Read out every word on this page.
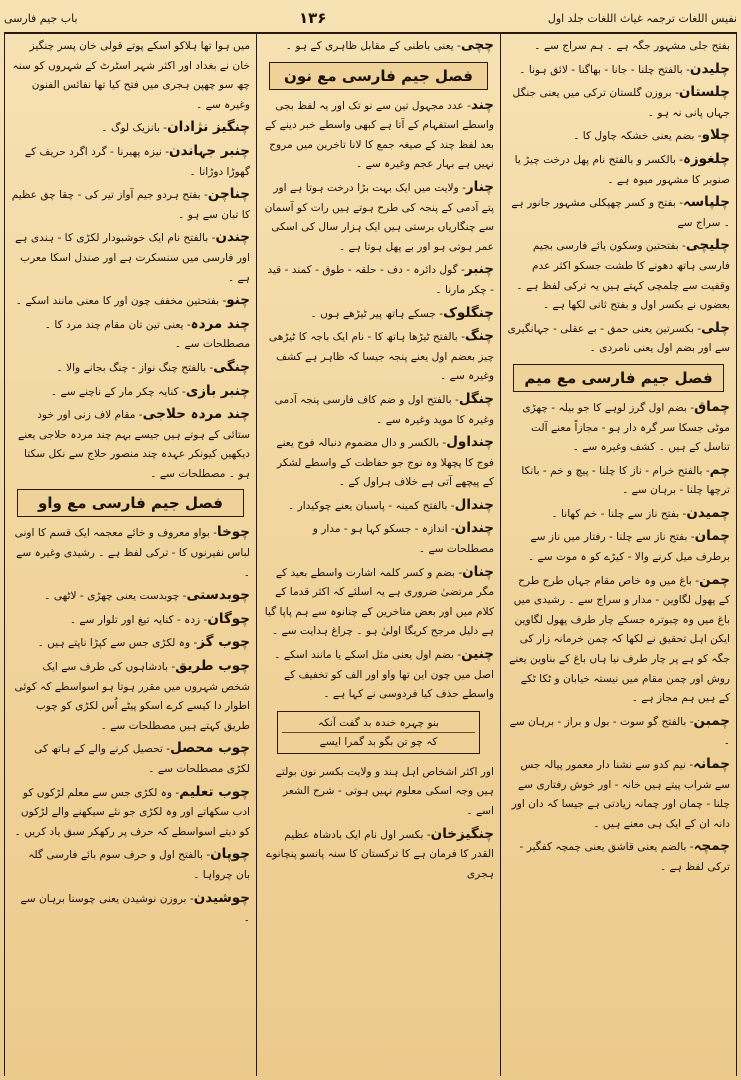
باب جیم فارسی	۱۳۶	نفیس اللغات ترجمہ غیاث اللغات جلد اول

بفتح جلی مشہور جگہ ہے ۔ ہم سراج سے ۔

چلیدن- بالفتح چلنا - جانا - بھاگنا - لائق ہونا ۔

چلستان- بروزن گلستان ترکی میں یعنی جنگل جہاں پانی نہ ہو ۔

چلاو- بضم یعنی خشکہ چاول کا ۔

چلغوزہ- بالکسر و بالفتح نام پھل درخت چیڑ یا صنوبر کا مشہور میوہ ہے ۔

چلپاسہ- بفتح و کسر چھپکلی مشہور جانور ہے ۔ سراج سے

چلیچی- بفتحتین وسکون یائے فارسی بجیم فارسی ہاتھ دھونے کا طشت جسکو اکثر عدم وقفیت سے چلمچی کہتے ہیں یہ ترکی لفظ ہے ۔ بعضوں نے بکسر اول و بفتح ثانی لکھا ہے ۔

چلی- بکسرتین یعنی حمق - بے عقلی - جہانگیری سے اور بضم اول یعنی نامردی ۔

فصل جیم فارسی مع میم

چماق- بضم اول گرز لوہے کا جو بیلہ - چھڑی موٹی جسکا سر گرہ دار ہو - مجازاً معنے آلت تناسل کے ہیں ۔ کشف وغیرہ سے ۔

چم- بالفتح خرام - ناز کا چلنا - پیچ و خم - بانکا ترچھا چلنا - برہان سے ۔

چمیدن- بفتح ناز سے چلنا - خم کھانا ۔

چمان- بفتح ناز سے چلنا - رفتار میں ناز سے برطرف میل کرنے والا - کیڑے کو ہ موت سے ۔

چمن- باغ میں وہ خاص مقام جہاں طرح طرح کے پھول لگاوین - مدار و سراج سے ۔ رشیدی میں باغ میں وہ چبوترہ جسکے چار طرف پھول لگاوین ایکن اہل تحقیق نے لکھا کہ چمن خرمانہ زار کی جگہ کو ہے پر چار طرف نیا ہاں باغ کے بناوین یعنے روش اور چمن مقام میں نیستہ خیابان و ٹکا ٹکے کے ہیں ہم مجاز ہے ۔

چمبن- بالفتح گو سوت - بول و براز - برہان سے ۔

چمانہ- نیم کدو سے نشنا دار معمور پیالہ جس سے شراب پیتے ہیں خانہ - اور خوش رفتاری سے چلنا - چمان اور چمانہ زیادتی ہے جیسا کہ دان اور دانہ ان کے ایک ہی معنے ہیں ۔

چمچہ- بالضم یعنی قاشق یعنی چمچہ کفگیر - ترکی لفظ ہے ۔

چچی- یعنی باطنی کے مقابل ظاہری کے ہو ۔

فصل جیم فارسی مع نون

چند- عدد مجہول تین سے نو تک اور یہ لفظ بجی واسطے استفہام کے آتا ہے کبھی واسطے خبر دینے کے بعد لفظ چند کے صیغہ جمع کا لانا تاخرین میں مروج نہیں ہے بہار عجم وغیرہ سے ۔

چنار- ولایت میں ایک بہت بڑا درخت ہوتا ہے اور پتے آدمی کے پنجہ کی طرح ہوتے ہیں رات کو آسمان سے چنگاریاں برستی ہیں ایک ہزار سال کی اسکی عمر ہوتی ہو اور بے پھل ہوتا ہے ۔

چنبر- گول دائرہ - دف - حلقہ - طوق - کمند - قید - چکر مارنا ۔

چنگلوک- جسکے ہاتھ پیر ٹیڑھے ہوں ۔

چنگ- بالفتح ٹیڑھا ہاتھ کا - نام ایک باجہ کا ٹیڑھی چیز بعضم اول یعنے پنجہ جیسا کہ ظاہر ہے کشف وغیرہ سے ۔

چنگل- بالفتح اول و ضم کاف فارسی پنجہ آدمی وغیرہ کا موید وغیرہ سے ۔

چنداول- بالکسر و دال مضموم دنبالہ فوج یعنے فوج کا پچھلا وہ نوج جو حفاظت کے واسطے لشکر کے پیچھے آتی ہے خلاف ہراول کے ۔

چندال- بالفتح کمینہ - پاسبان یعنے چوکیدار ۔

چندان- اندازہ - جسکو کہا ہو - مدار و مصطلحات سے ۔

چنان- بضم و کسر کلمہ اشارت واسطے بعید کے مگر مرتضیٰ ضروری ہے یہ اسلئے کہ اکثر قدما کے کلام میں اور بعض متاخرین کے چنانوہ سے ہم پاپا گیا ہے دلیل مرجح کریگا اولیٰ ہو ۔ چراغ ہدایت سے ۔

چنین- بضم اول یعنی مثل اسکے یا مانند اسکے ۔ اصل میں چون این تھا واو اور الف کو تخفیف کے واسطے حذف کیا فردوسی نے کہا ہے ۔

بنو چہرہ خندہ بد گفت آنکہ
کہ چو تن بگو بد گمرا ایسے

اور اکثر اشخاص اہل ہند و ولایت بکسر نون بولتے ہیں وجہ اسکی معلوم نہیں ہوتی - شرح الشعر اسے ۔

چنگیزخان- بکسر اول نام ایک بادشاہ عظیم القدر کا فرمان ہے کا ترکستان کا سنہ پانسو پنچانوے ہجری

میں ہوا تھا ہلاکو اسکے پوتے قولی خان پسر چنگیز خان نے بغداد اور اکثر شہر اسٹرٹ کے شہروں کو سنہ چھ سو چھپن ہجری میں فتح کیا تھا نفائس الفنون وغیرہ سے ۔

چنگیز نژادان- بانزیک لوگ ۔

چنبر جہاندن- نیزہ پھیرنا - گرد اگرد حریف کے گھوڑا دوڑانا ۔

چناچن- بفتح ہردو جیم آواز تیر کی - چقا چق عظیم کا تبان سے ہو ۔

چندن- بالفتح نام ایک خوشبودار لکڑی کا - ہندی ہے اور فارسی میں سنسکرت ہے اور صندل اسکا معرب ہے ۔

چنو- بفتحتین مخفف چون اور کا معنی مانند اسکے ۔

چند مردہ- یعنی تین تان مقام چند مرد کا ۔ مصطلحات سے ۔

چنگی- بالفتح چنگ نواز - چنگ بجانے والا ۔

چنبر بازی- کنایہ چکر مار کے ناچنے سے ۔

چند مردہ حلاجی- مقام لاف زنی اور خود ستائی کے ہوتے ہیں جیسے بہم چند مردہ حلاجی یعنے دیکھیں کیونکر عہدہ چند منصور حلاج سے نکل سکتا ہو ۔ مصطلحات سے ۔

فصل جیم فارسی مع واو

چوخا- بواو معروف و خائے معجمہ ایک قسم کا اونی لباس نفیرنوں کا - ترکی لفظ ہے ۔ رشیدی وغیرہ سے ۔

چوبدستی- چوبدست یعنی چھڑی - لاٹھی ۔

چوگان- زدہ - کنایہ تیغ اور تلوار سے ۔

چوب گز- وہ لکڑی جس سے کپڑا ناپتے ہیں ۔

چوب طریق- بادشاہوں کی طرف سے ایک شخص شہروں میں مقرر ہوتا ہو اسواسطے کہ کوئی اطوار دا کیسے کرے اسکو پیٹے اُس لکڑی کو چوب طریق کہتے ہیں مصطلحات سے ۔

چوب محصل- تحصیل کرنے والے کے ہاتھ کی لکڑی مصطلحات سے ۔

چوب تعلیم- وہ لکڑی جس سے معلم لڑکوں کو ادب سکھاتے اور وہ لکڑی جو نئے سیکھنے والے لڑکوں کو دیتے اسواسطے کہ حرف پر رکھکر سبق یاد کریں ۔

چوپان- بالفتح اول و حرف سوم بائے فارسی گلہ بان چرواہا ۔

چوشیدن- بروزن نوشیدن یعنی چوسنا برہان سے ۔
